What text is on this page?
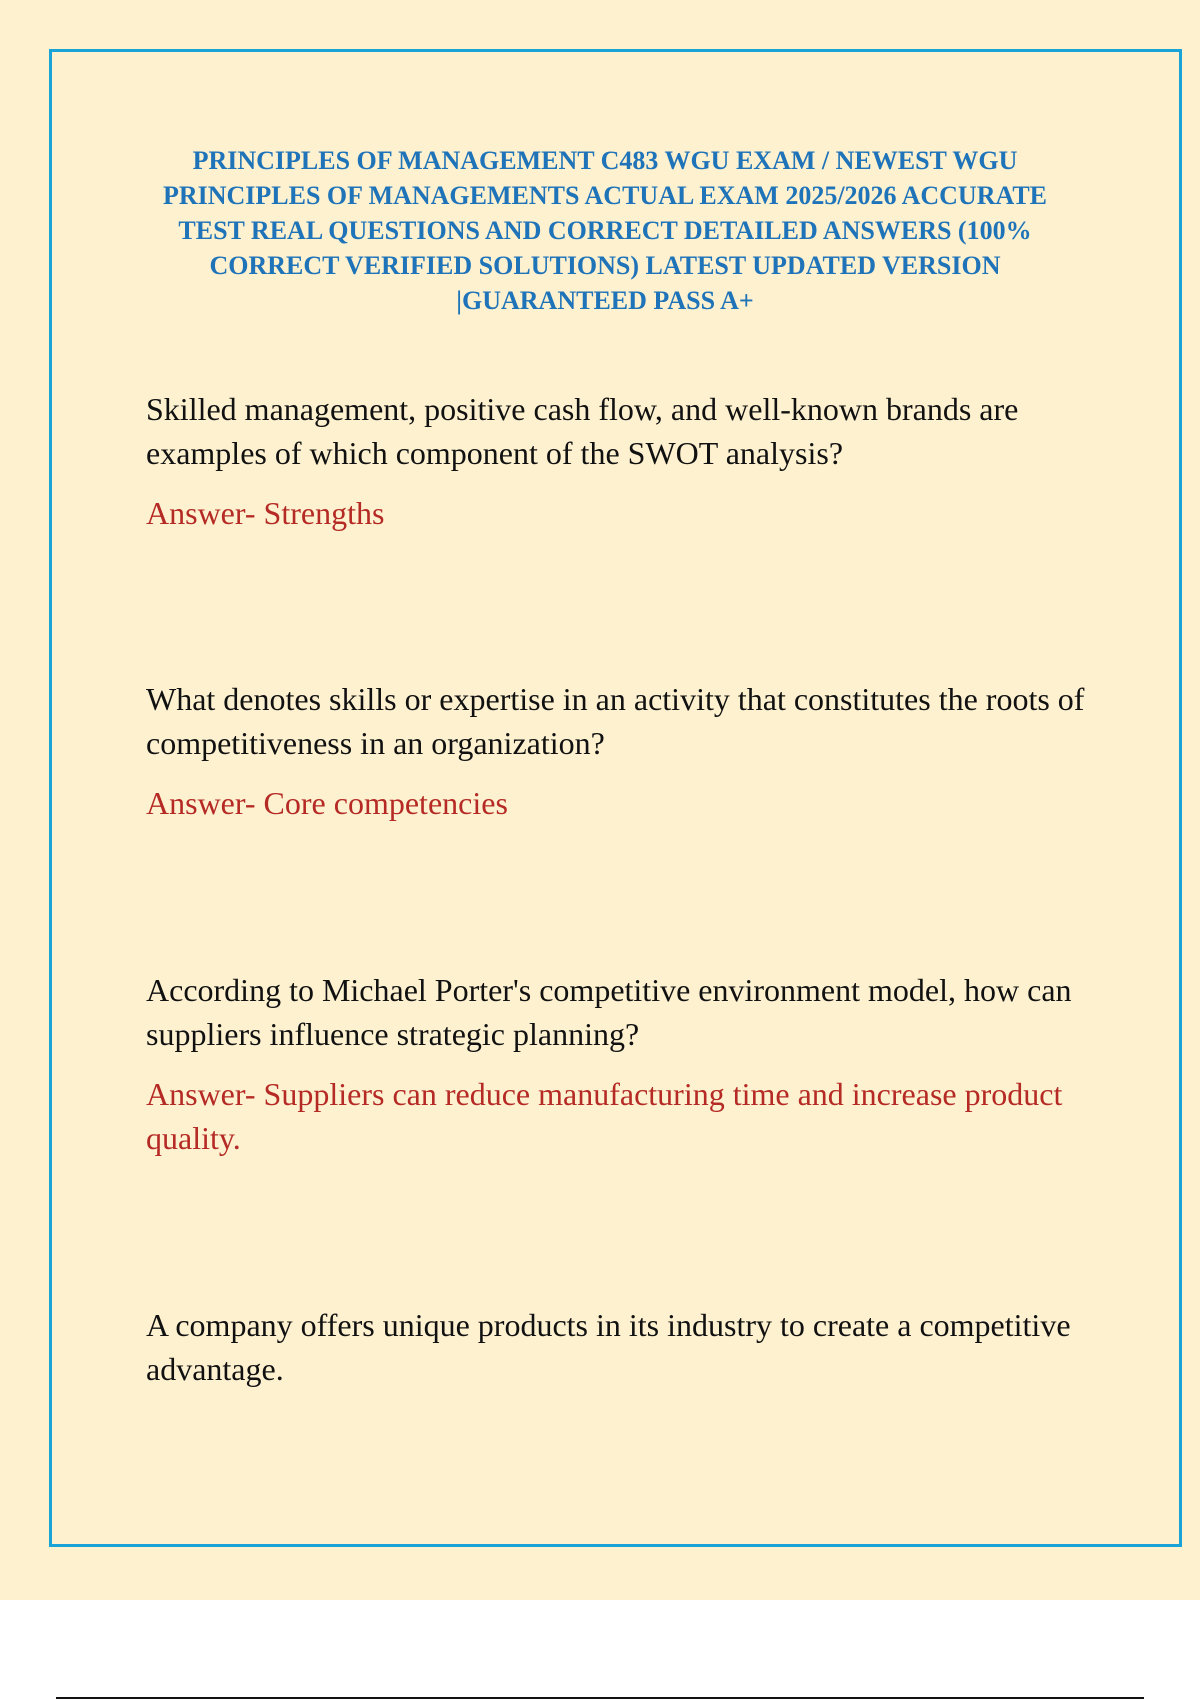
PRINCIPLES OF MANAGEMENT C483 WGU EXAM / NEWEST WGU PRINCIPLES OF MANAGEMENTS ACTUAL EXAM 2025/2026 ACCURATE TEST REAL QUESTIONS AND CORRECT DETAILED ANSWERS (100% CORRECT VERIFIED SOLUTIONS) LATEST UPDATED VERSION |GUARANTEED PASS A+

Skilled management, positive cash flow, and well-known brands are examples of which component of the SWOT analysis?

Answer- Strengths

What denotes skills or expertise in an activity that constitutes the roots of competitiveness in an organization?

Answer- Core competencies

According to Michael Porter's competitive environment model, how can suppliers influence strategic planning?

Answer- Suppliers can reduce manufacturing time and increase product quality.

A company offers unique products in its industry to create a competitive advantage.
